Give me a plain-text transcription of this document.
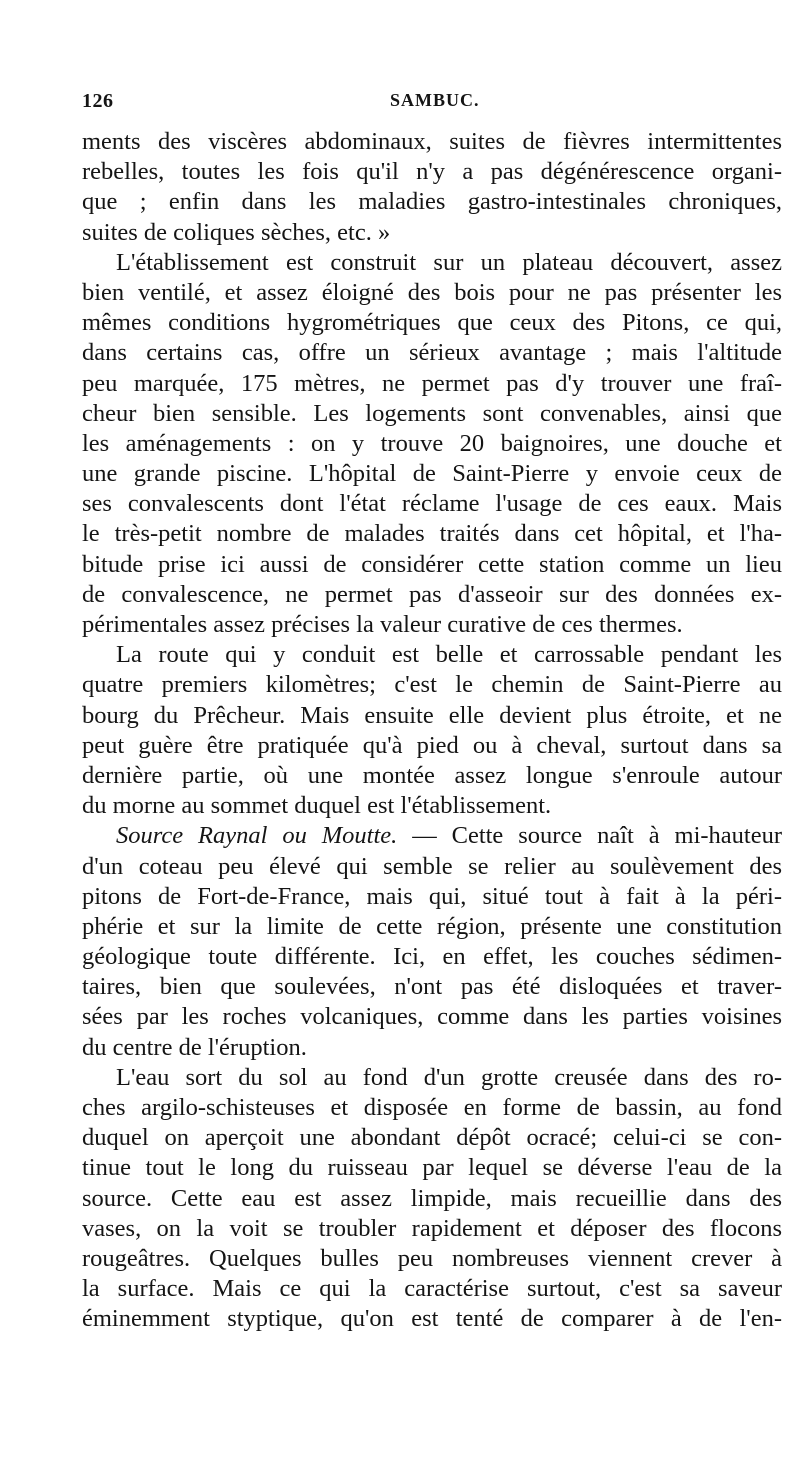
126	SAMBUC.
ments des viscères abdominaux, suites de fièvres intermittentes
rebelles, toutes les fois qu'il n'y a pas dégénérescence organi-
que ; enfin dans les maladies gastro-intestinales chroniques,
suites de coliques sèches, etc. »
L'établissement est construit sur un plateau découvert, assez
bien ventilé, et assez éloigné des bois pour ne pas présenter les
mêmes conditions hygrométriques que ceux des Pitons, ce qui,
dans certains cas, offre un sérieux avantage ; mais l'altitude
peu marquée, 175 mètres, ne permet pas d'y trouver une fraî-
cheur bien sensible. Les logements sont convenables, ainsi que
les aménagements : on y trouve 20 baignoires, une douche et
une grande piscine. L'hôpital de Saint-Pierre y envoie ceux de
ses convalescents dont l'état réclame l'usage de ces eaux. Mais
le très-petit nombre de malades traités dans cet hôpital, et l'ha-
bitude prise ici aussi de considérer cette station comme un lieu
de convalescence, ne permet pas d'asseoir sur des données ex-
périmentales assez précises la valeur curative de ces thermes.
La route qui y conduit est belle et carrossable pendant les
quatre premiers kilomètres; c'est le chemin de Saint-Pierre au
bourg du Prêcheur. Mais ensuite elle devient plus étroite, et ne
peut guère être pratiquée qu'à pied ou à cheval, surtout dans sa
dernière partie, où une montée assez longue s'enroule autour
du morne au sommet duquel est l'établissement.
Source Raynal ou Moutte. — Cette source naît à mi-hauteur
d'un coteau peu élevé qui semble se relier au soulèvement des
pitons de Fort-de-France, mais qui, situé tout à fait à la péri-
phérie et sur la limite de cette région, présente une constitution
géologique toute différente. Ici, en effet, les couches sédimen-
taires, bien que soulevées, n'ont pas été disloquées et traver-
sées par les roches volcaniques, comme dans les parties voisines
du centre de l'éruption.
L'eau sort du sol au fond d'un grotte creusée dans des ro-
ches argilo-schisteuses et disposée en forme de bassin, au fond
duquel on aperçoit une abondant dépôt ocracé; celui-ci se con-
tinue tout le long du ruisseau par lequel se déverse l'eau de la
source. Cette eau est assez limpide, mais recueillie dans des
vases, on la voit se troubler rapidement et déposer des flocons
rougeâtres. Quelques bulles peu nombreuses viennent crever à
la surface. Mais ce qui la caractérise surtout, c'est sa saveur
éminemment styptique, qu'on est tenté de comparer à de l'en-
